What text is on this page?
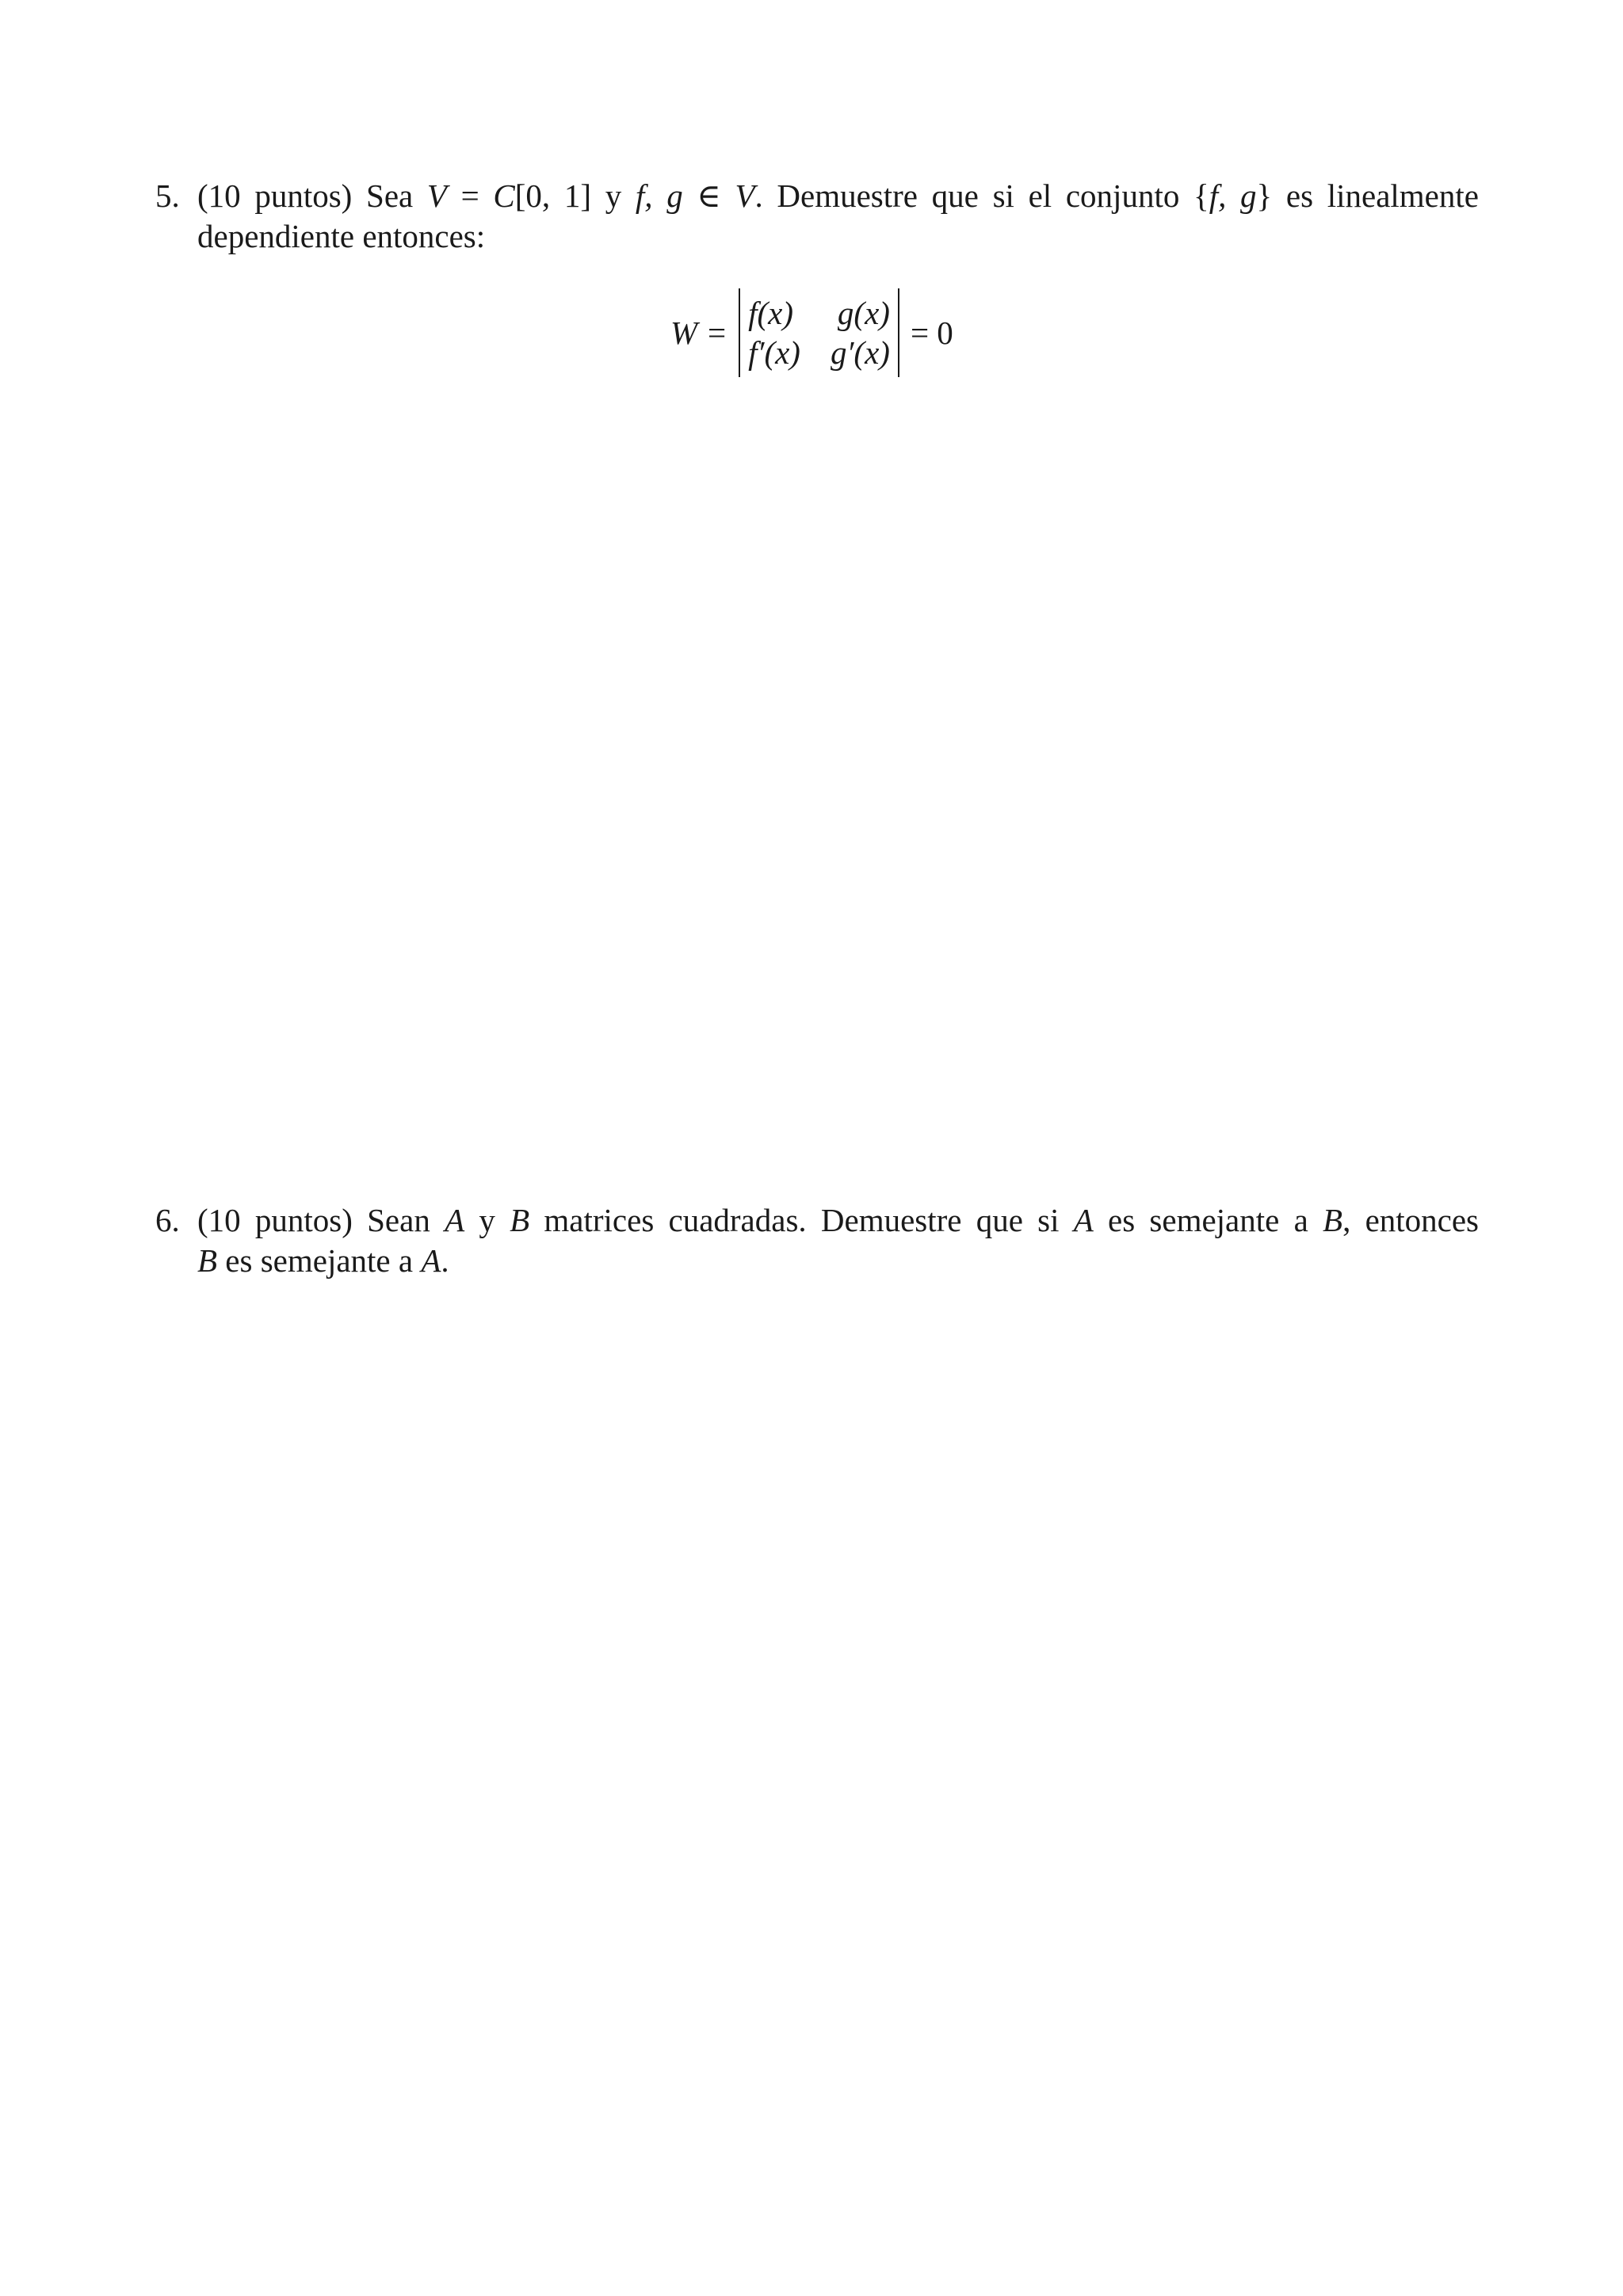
5. (10 puntos) Sea V = C[0, 1] y f, g ∈ V. Demuestre que si el conjunto {f, g} es linealmente
dependiente entonces:
W =
f(x) g(x)
f′(x) g′(x)
= 0
6. (10 puntos) Sean A y B matrices cuadradas. Demuestre que si A es semejante a B, entonces
B es semejante a A.
